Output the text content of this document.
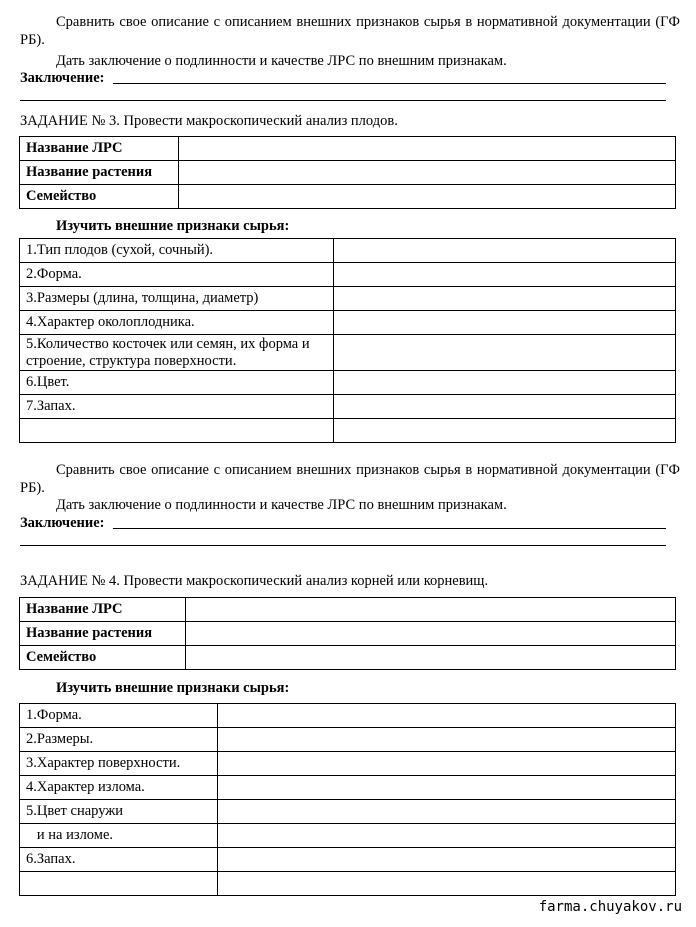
Сравнить свое описание с описанием внешних признаков сырья в нормативной документации (ГФ РБ).
Дать заключение о подлинности и качестве ЛРС по внешним признакам.
Заключение:
ЗАДАНИЕ № 3. Провести макроскопический анализ плодов.
Название ЛРС	
Название растения	
Семейство	
Изучить внешние признаки сырья:
1.Тип плодов (сухой, сочный).	
2.Форма.	
3.Размеры (длина, толщина, диаметр)	
4.Характер околоплодника.	
5.Количество косточек или семян, их форма и строение, структура поверхности.	
6.Цвет.	
7.Запах.	

Сравнить свое описание с описанием внешних признаков сырья в нормативной документации (ГФ РБ).
Дать заключение о подлинности и качестве ЛРС по внешним признакам.
Заключение:
ЗАДАНИЕ № 4. Провести макроскопический анализ корней или корневищ.
Название ЛРС	
Название растения	
Семейство	
Изучить внешние признаки сырья:
1.Форма.	
2.Размеры.	
3.Характер поверхности.	
4.Характер излома.	
5.Цвет снаружи	
и на изломе.	
6.Запах.	

farma.chuyakov.ru
